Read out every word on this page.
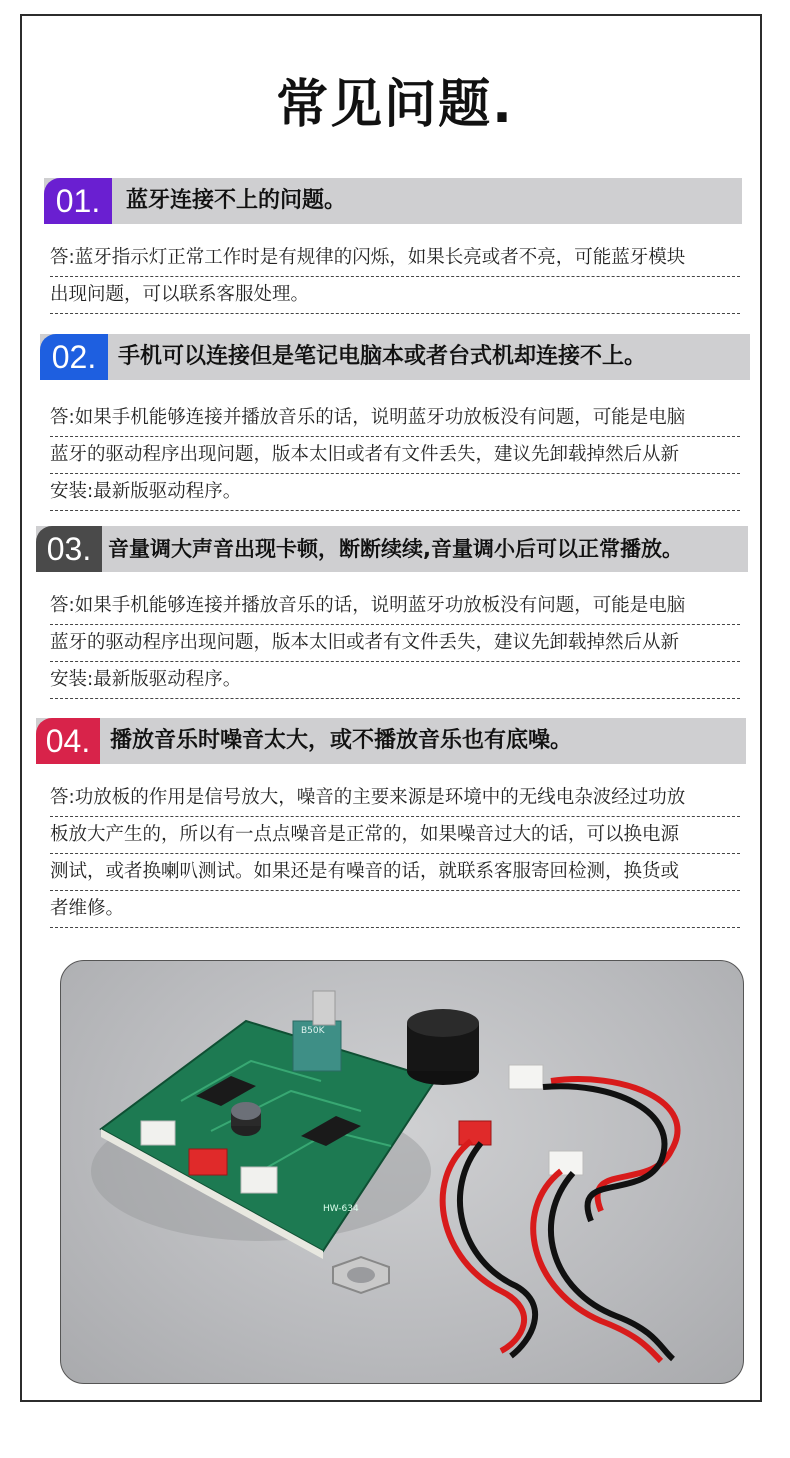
常见问题.
01.	蓝牙连接不上的问题。
答:蓝牙指示灯正常工作时是有规律的闪烁，如果长亮或者不亮，可能蓝牙模块
出现问题，可以联系客服处理。
02. 手机可以连接但是笔记电脑本或者台式机却连接不上。
答:如果手机能够连接并播放音乐的话，说明蓝牙功放板没有问题，可能是电脑
蓝牙的驱动程序出现问题，版本太旧或者有文件丢失，建议先卸载掉然后从新
安装:最新版驱动程序。
03. 音量调大声音出现卡顿，断断续续,音量调小后可以正常播放。
答:如果手机能够连接并播放音乐的话，说明蓝牙功放板没有问题，可能是电脑
蓝牙的驱动程序出现问题，版本太旧或者有文件丢失，建议先卸载掉然后从新
安装:最新版驱动程序。
04. 播放音乐时噪音太大，或不播放音乐也有底噪。
答:功放板的作用是信号放大，噪音的主要来源是环境中的无线电杂波经过功放
板放大产生的，所以有一点点噪音是正常的，如果噪音过大的话，可以换电源
测试，或者换喇叭测试。如果还是有噪音的话，就联系客服寄回检测，换货或
者维修。
B50K
HW-634
